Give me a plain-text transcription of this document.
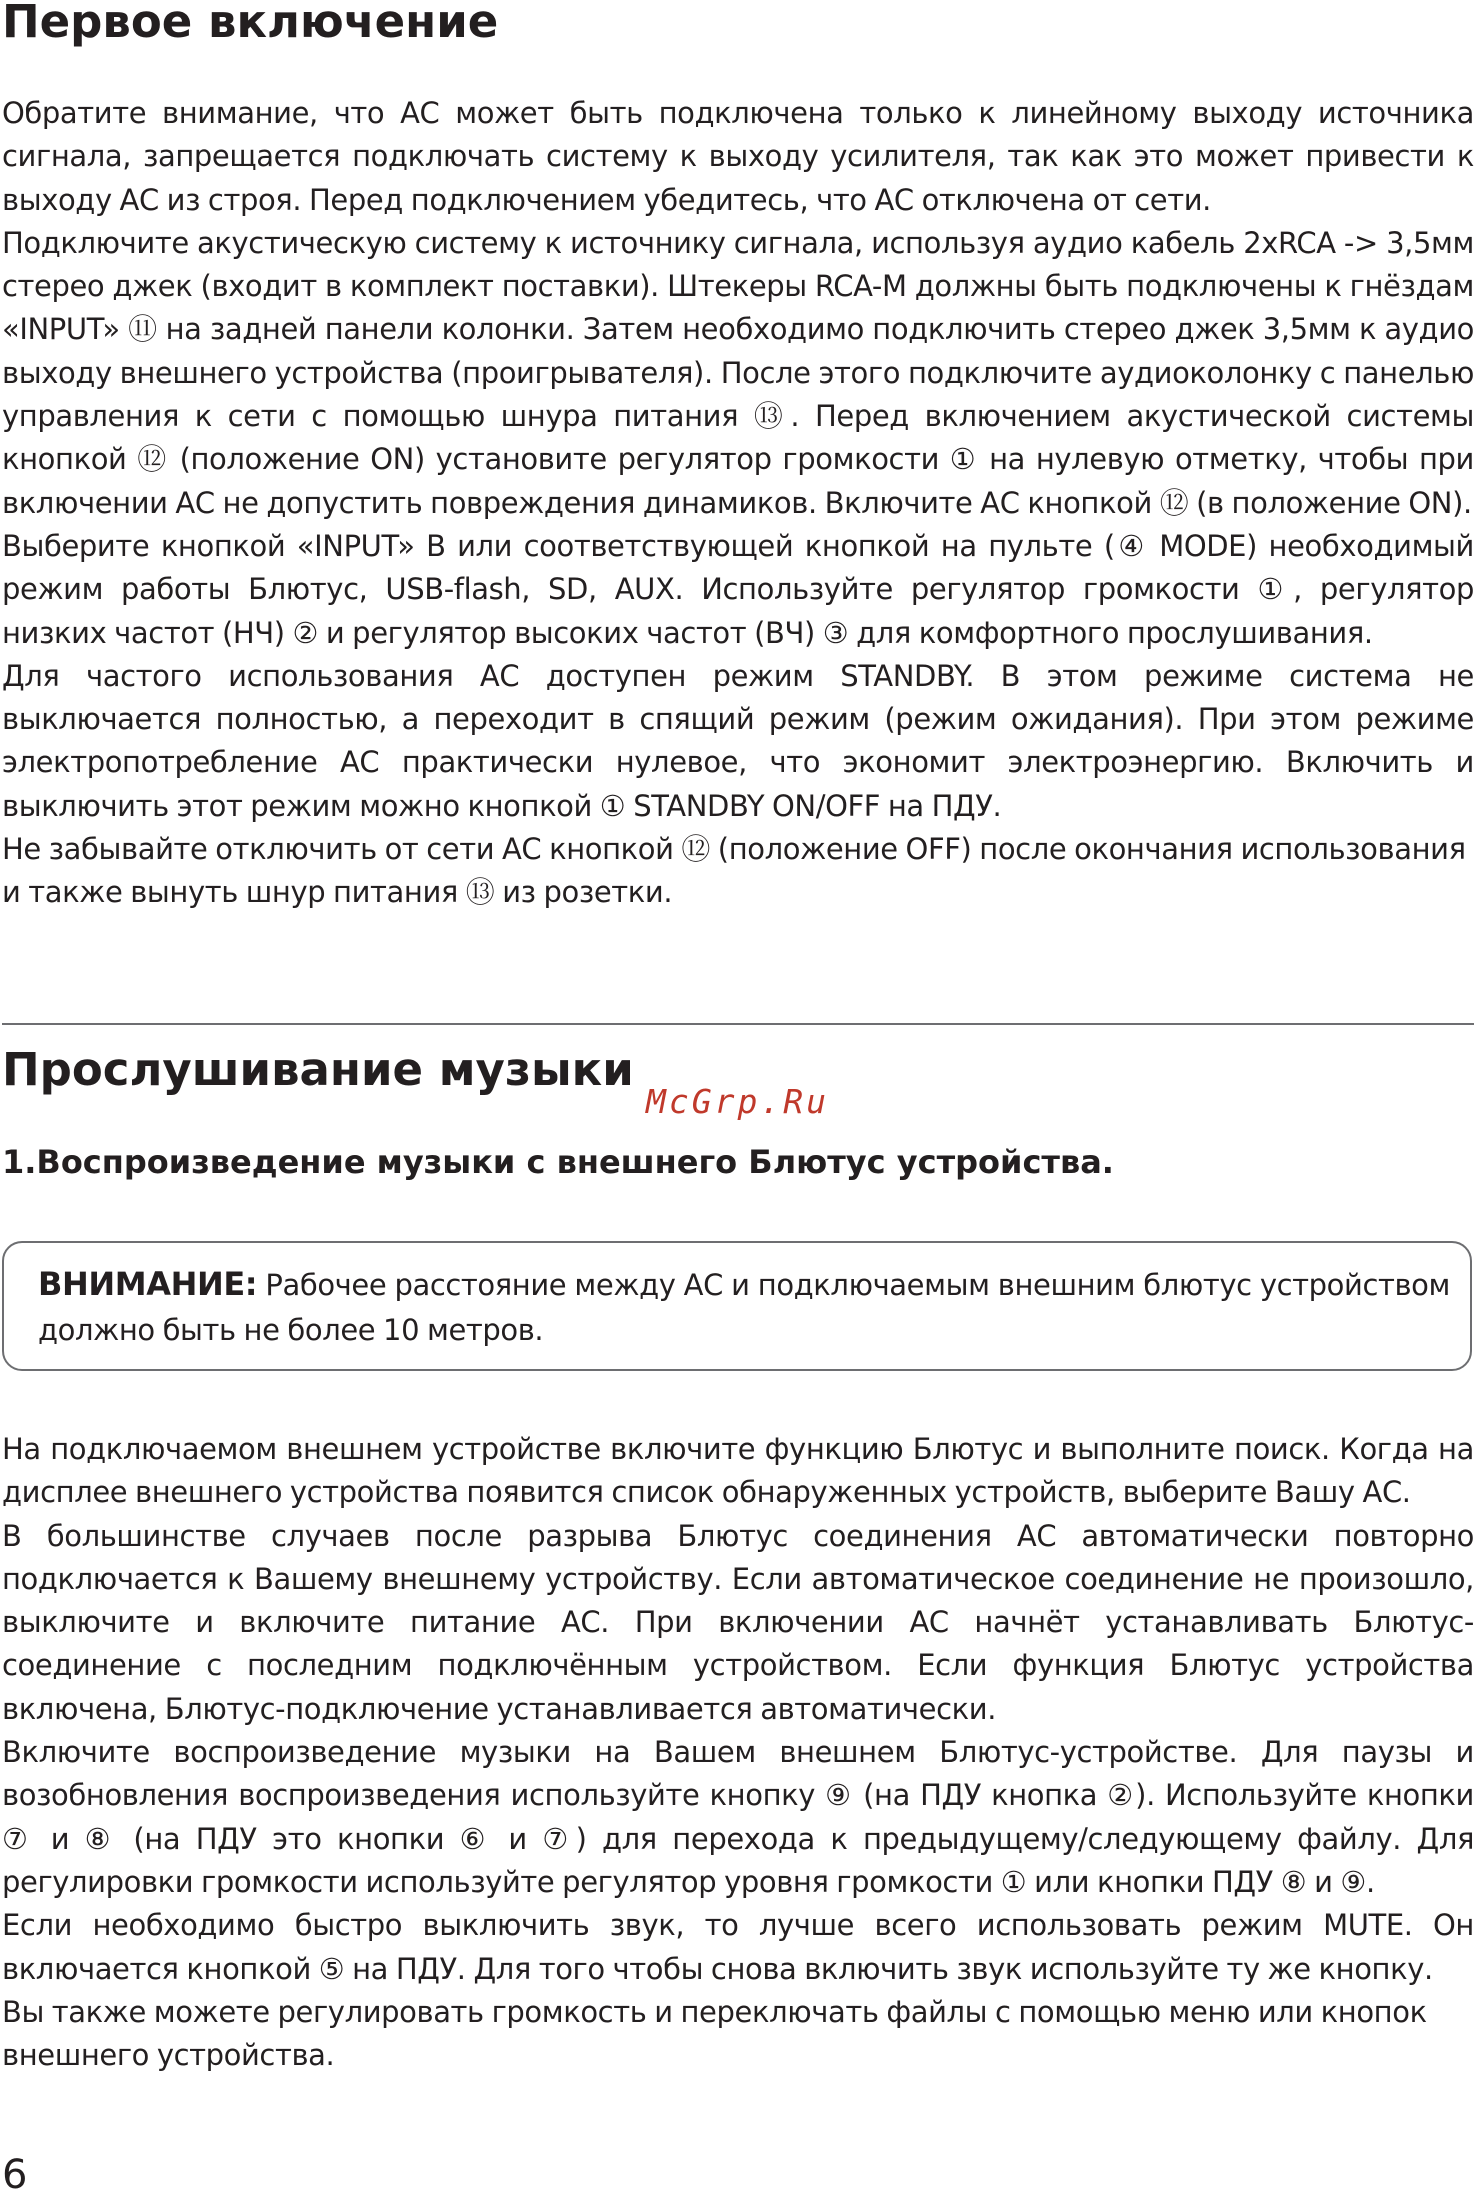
Первое включение

Обратите внимание, что АС может быть подключена только к линейному выходу источника сигнала, запрещается подключать систему к выходу усилителя, так как это может привести к выходу АС из строя. Перед подключением убедитесь, что АС отключена от сети.

Подключите акустическую систему к источнику сигнала, используя аудио кабель 2хRCA -> 3,5мм стерео джек (входит в комплект поставки). Штекеры RCA-M должны быть подключены к гнёздам «INPUT» ⑪ на задней панели колонки. Затем необходимо подключить стерео джек 3,5мм к аудио выходу внешнего устройства (проигрывателя). После этого подключите аудиоколонку с панелью управления к сети с помощью шнура питания ⑬. Перед включением акустической системы кнопкой ⑫ (положение ON) установите регулятор громкости ① на нулевую отметку, чтобы при включении АС не допустить повреждения динамиков. Включите АС кнопкой ⑫ (в положение ON).

Выберите кнопкой «INPUT» В или соответствующей кнопкой на пульте (④ MODE) необходимый режим работы Блютус, USB-flash, SD, AUX. Используйте регулятор громкости ①, регулятор низких частот (НЧ) ② и регулятор высоких частот (ВЧ) ③ для комфортного прослушивания.

Для частого использования АС доступен режим STANDBY. В этом режиме система не выключается полностью, а переходит в спящий режим (режим ожидания). При этом режиме электропотребление АС практически нулевое, что экономит электроэнергию. Включить и выключить этот режим можно кнопкой ① STANDBY ON/OFF на ПДУ.

Не забывайте отключить от сети АС кнопкой ⑫ (положение OFF) после окончания использования и также вынуть шнур питания ⑬ из розетки.

Прослушивание музыки
McGrp.Ru
1.Воспроизведение музыки с внешнего Блютус устройства.
ВНИМАНИЕ: Рабочее расстояние между АС и подключаемым внешним блютус устройством должно быть не более 10 метров.

На подключаемом внешнем устройстве включите функцию Блютус и выполните поиск. Когда на дисплее внешнего устройства появится список обнаруженных устройств, выберите Вашу АС.

В большинстве случаев после разрыва Блютус соединения АС автоматически повторно подключается к Вашему внешнему устройству. Если автоматическое соединение не произошло, выключите и включите питание АС. При включении АС начнёт устанавливать Блютус-соединение с последним подключённым устройством. Если функция Блютус устройства включена, Блютус-подключение устанавливается автоматически.

Включите воспроизведение музыки на Вашем внешнем Блютус-устройстве. Для паузы и возобновления воспроизведения используйте кнопку ⑨ (на ПДУ кнопка ②). Используйте кнопки ⑦ и ⑧ (на ПДУ это кнопки ⑥ и ⑦) для перехода к предыдущему/следующему файлу. Для регулировки громкости используйте регулятор уровня громкости ① или кнопки ПДУ ⑧ и ⑨.

Если необходимо быстро выключить звук, то лучше всего использовать режим MUTE. Он включается кнопкой ⑤ на ПДУ. Для того чтобы снова включить звук используйте ту же кнопку.

Вы также можете регулировать громкость и переключать файлы с помощью меню или кнопок внешнего устройства.

6
